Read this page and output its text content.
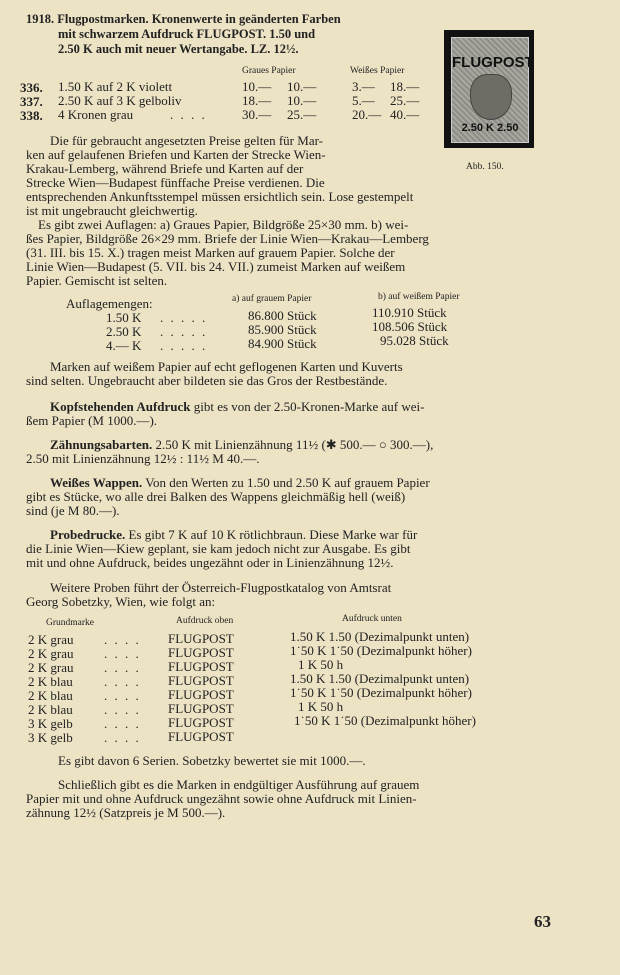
1918. Flugpostmarken. Kronenwerte in geänderten Farben
mit schwarzem Aufdruck FLUGPOST. 1.50 und
2.50 K auch mit neuer Wertangabe. LZ. 12½.
FLUGPOST
2.50 K 2.50
Abb. 150.
Graues Papier	Weißes Papier
336. 1.50 K auf 2 K violett	10.— 10.—	3.— 18.—
337. 2.50 K auf 3 K gelboliv	18.— 10.—	5.— 25.—
338. 4 Kronen grau	. . . .	30.— 25.—	20.— 40.—
Die für gebraucht angesetzten Preise gelten für Mar-
ken auf gelaufenen Briefen und Karten der Strecke Wien-
Krakau-Lemberg, während Briefe und Karten auf der
Strecke Wien—Budapest fünffache Preise verdienen. Die
entsprechenden Ankunftsstempel müssen ersichtlich sein. Lose gestempelt
ist mit ungebraucht gleichwertig.
Es gibt zwei Auflagen: a) Graues Papier, Bildgröße 25×30 mm. b) wei-
ßes Papier, Bildgröße 26×29 mm. Briefe der Linie Wien—Krakau—Lemberg
(31. III. bis 15. X.) tragen meist Marken auf grauem Papier. Solche der
Linie Wien—Budapest (5. VII. bis 24. VII.) zumeist Marken auf weißem
Papier. Gemischt ist selten.
Auflagemengen:	a) auf grauem Papier	b) auf weißem Papier
1.50 K . . . . .	86.800 Stück	110.910 Stück
2.50 K . . . . .	85.900 Stück	108.506 Stück
4.— K . . . . .	84.900 Stück	95.028 Stück
Marken auf weißem Papier auf echt geflogenen Karten und Kuverts
sind selten. Ungebraucht aber bildeten sie das Gros der Restbestände.
Kopfstehenden Aufdruck gibt es von der 2.50-Kronen-Marke auf wei-
ßem Papier (M 1000.—).
Zähnungsabarten. 2.50 K mit Linienzähnung 11½ (✱ 500.— ○ 300.—),
2.50 mit Linienzähnung 12½ : 11½ M 40.—.
Weißes Wappen. Von den Werten zu 1.50 und 2.50 K auf grauem Papier
gibt es Stücke, wo alle drei Balken des Wappens gleichmäßig hell (weiß)
sind (je M 80.—).
Probedrucke. Es gibt 7 K auf 10 K rötlichbraun. Diese Marke war für
die Linie Wien—Kiew geplant, sie kam jedoch nicht zur Ausgabe. Es gibt
mit und ohne Aufdruck, beides ungezähnt oder in Linienzähnung 12½.
Weitere Proben führt der Österreich-Flugpostkatalog von Amtsrat
Georg Sobetzky, Wien, wie folgt an:
Grundmarke	Aufdruck oben	Aufdruck unten
2 K grau . . . . FLUGPOST	1.50 K 1.50 (Dezimalpunkt unten)
2 K grau . . . . FLUGPOST	1˙50 K 1˙50 (Dezimalpunkt höher)
2 K grau . . . . FLUGPOST	1 K 50 h
2 K blau . . . . FLUGPOST	1.50 K 1.50 (Dezimalpunkt unten)
2 K blau . . . . FLUGPOST	1˙50 K 1˙50 (Dezimalpunkt höher)
2 K blau . . . . FLUGPOST	1 K 50 h
3 K gelb . . . . FLUGPOST	1˙50 K 1˙50 (Dezimalpunkt höher)
3 K gelb . . . . FLUGPOST
Es gibt davon 6 Serien. Sobetzky bewertet sie mit 1000.—.
Schließlich gibt es die Marken in endgültiger Ausführung auf grauem
Papier mit und ohne Aufdruck ungezähnt sowie ohne Aufdruck mit Linien-
zähnung 12½ (Satzpreis je M 500.—).
63
